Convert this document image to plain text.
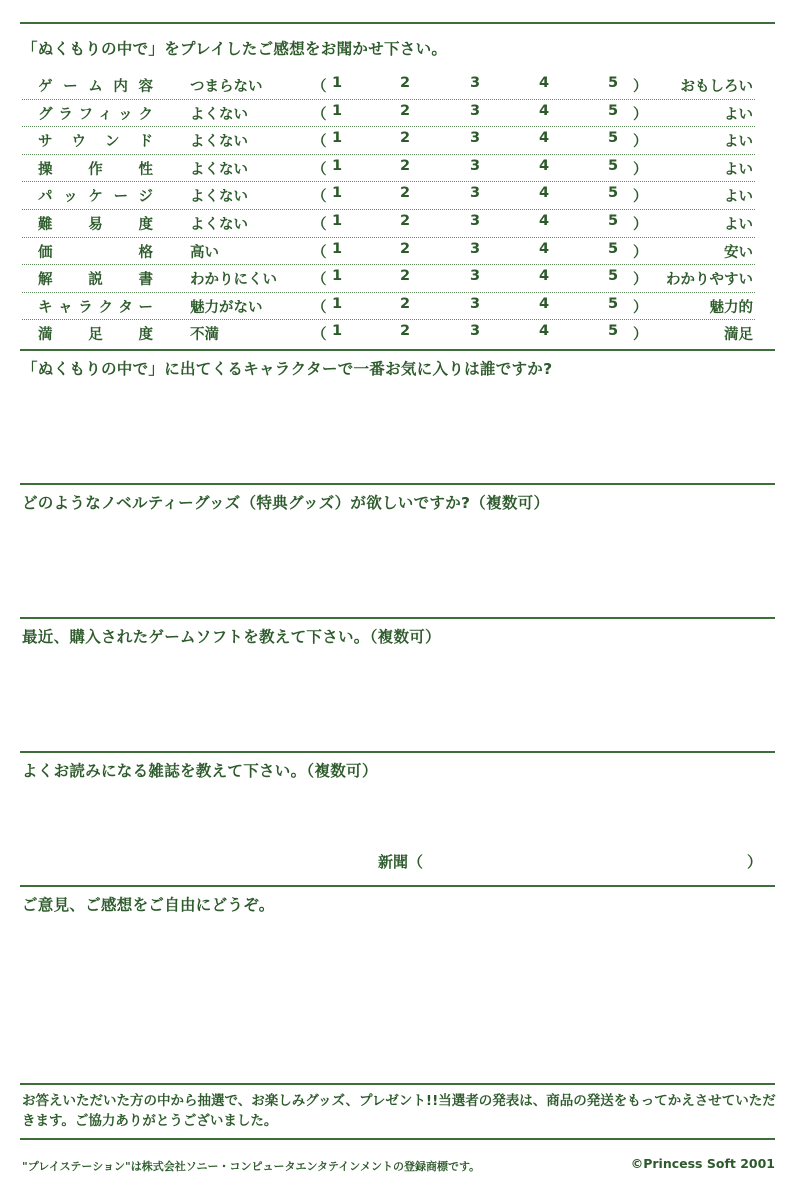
「ぬくもりの中で」をプレイしたご感想をお聞かせ下さい。
ゲーム内容	つまらない	（ 1	2	3	4	5 ） おもしろい
グラフィック	よくない	（ 1	2	3	4	5 ）	よい
サウンド	よくない	（ 1	2	3	4	5 ）	よい
操作性	よくない	（ 1	2	3	4	5 ）	よい
パッケージ	よくない	（ 1	2	3	4	5 ）	よい
難易度	よくない	（ 1	2	3	4	5 ）	よい
価格	高い	（ 1	2	3	4	5 ）	安い
解説書	わかりにくい （ 1	2	3	4	5 ） わかりやすい
キャラクター	魅力がない	（ 1	2	3	4	5 ）	魅力的
満足度	不満	（ 1	2	3	4	5 ）	満足
「ぬくもりの中で」に出てくるキャラクターで一番お気に入りは誰ですか?
どのようなノベルティーグッズ（特典グッズ）が欲しいですか?（複数可）
最近、購入されたゲームソフトを教えて下さい。（複数可）
よくお読みになる雑誌を教えて下さい。（複数可）
新聞（	）
ご意見、ご感想をご自由にどうぞ。
お答えいただいた方の中から抽選で、お楽しみグッズ、プレゼント!!当選者の発表は、商品の発送をもってかえさせていただきます。ご協力ありがとうございました。
"プレイステーション"は株式会社ソニー・コンピュータエンタテインメントの登録商標です。	©Princess Soft 2001
